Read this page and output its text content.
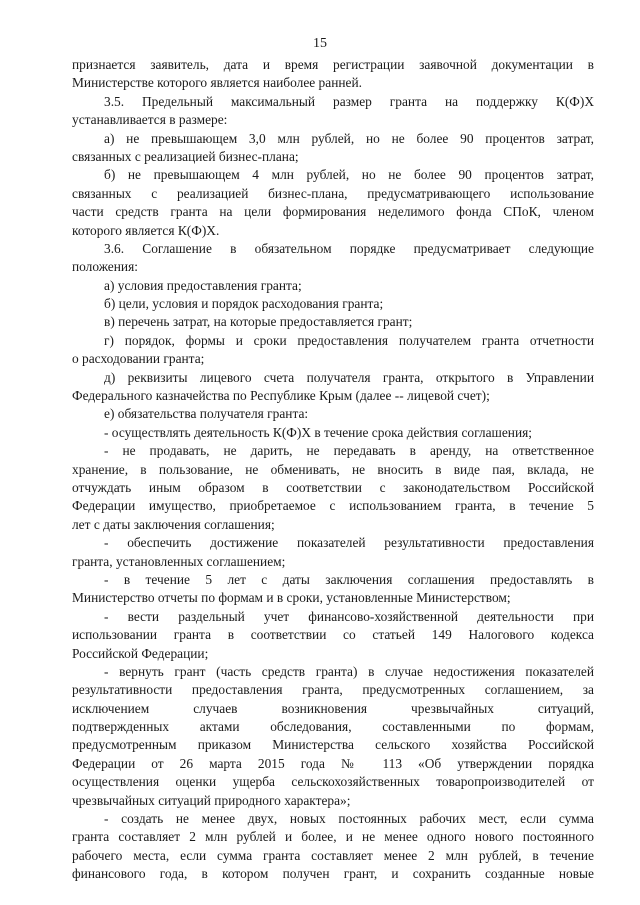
15
признается заявитель, дата и время регистрации заявочной документации в
Министерстве которого является наиболее ранней.
3.5. Предельный максимальный размер гранта на поддержку К(Ф)Х
устанавливается в размере:
а) не превышающем 3,0 млн рублей, но не более 90 процентов затрат,
связанных с реализацией бизнес-плана;
б) не превышающем 4 млн рублей, но не более 90 процентов затрат,
связанных с реализацией бизнес-плана, предусматривающего использование
части средств гранта на цели формирования неделимого фонда СПоК, членом
которого является К(Ф)Х.
3.6. Соглашение в обязательном порядке предусматривает следующие
положения:
а) условия предоставления гранта;
б) цели, условия и порядок расходования гранта;
в) перечень затрат, на которые предоставляется грант;
г) порядок, формы и сроки предоставления получателем гранта отчетности
о расходовании гранта;
д) реквизиты лицевого счета получателя гранта, открытого в Управлении
Федерального казначейства по Республике Крым (далее -- лицевой счет);
е) обязательства получателя гранта:
- осуществлять деятельность К(Ф)Х в течение срока действия соглашения;
- не продавать, не дарить, не передавать в аренду, на ответственное
хранение, в пользование, не обменивать, не вносить в виде пая, вклада, не
отчуждать иным образом в соответствии с законодательством Российской
Федерации имущество, приобретаемое с использованием гранта, в течение 5
лет с даты заключения соглашения;
- обеспечить достижение показателей результативности предоставления
гранта, установленных соглашением;
- в течение 5 лет с даты заключения соглашения предоставлять в
Министерство отчеты по формам и в сроки, установленные Министерством;
- вести раздельный учет финансово-хозяйственной деятельности при
использовании гранта в соответствии со статьей 149 Налогового кодекса
Российской Федерации;
- вернуть грант (часть средств гранта) в случае недостижения показателей
результативности предоставления гранта, предусмотренных соглашением, за
исключением случаев возникновения чрезвычайных ситуаций,
подтвержденных актами обследования, составленными по формам,
предусмотренным приказом Министерства сельского хозяйства Российской
Федерации от 26 марта 2015 года № 113 «Об утверждении порядка
осуществления оценки ущерба сельскохозяйственных товаропроизводителей от
чрезвычайных ситуаций природного характера»;
- создать не менее двух, новых постоянных рабочих мест, если сумма
гранта составляет 2 млн рублей и более, и не менее одного нового постоянного
рабочего места, если сумма гранта составляет менее 2 млн рублей, в течение
финансового года, в котором получен грант, и сохранить созданные новые
